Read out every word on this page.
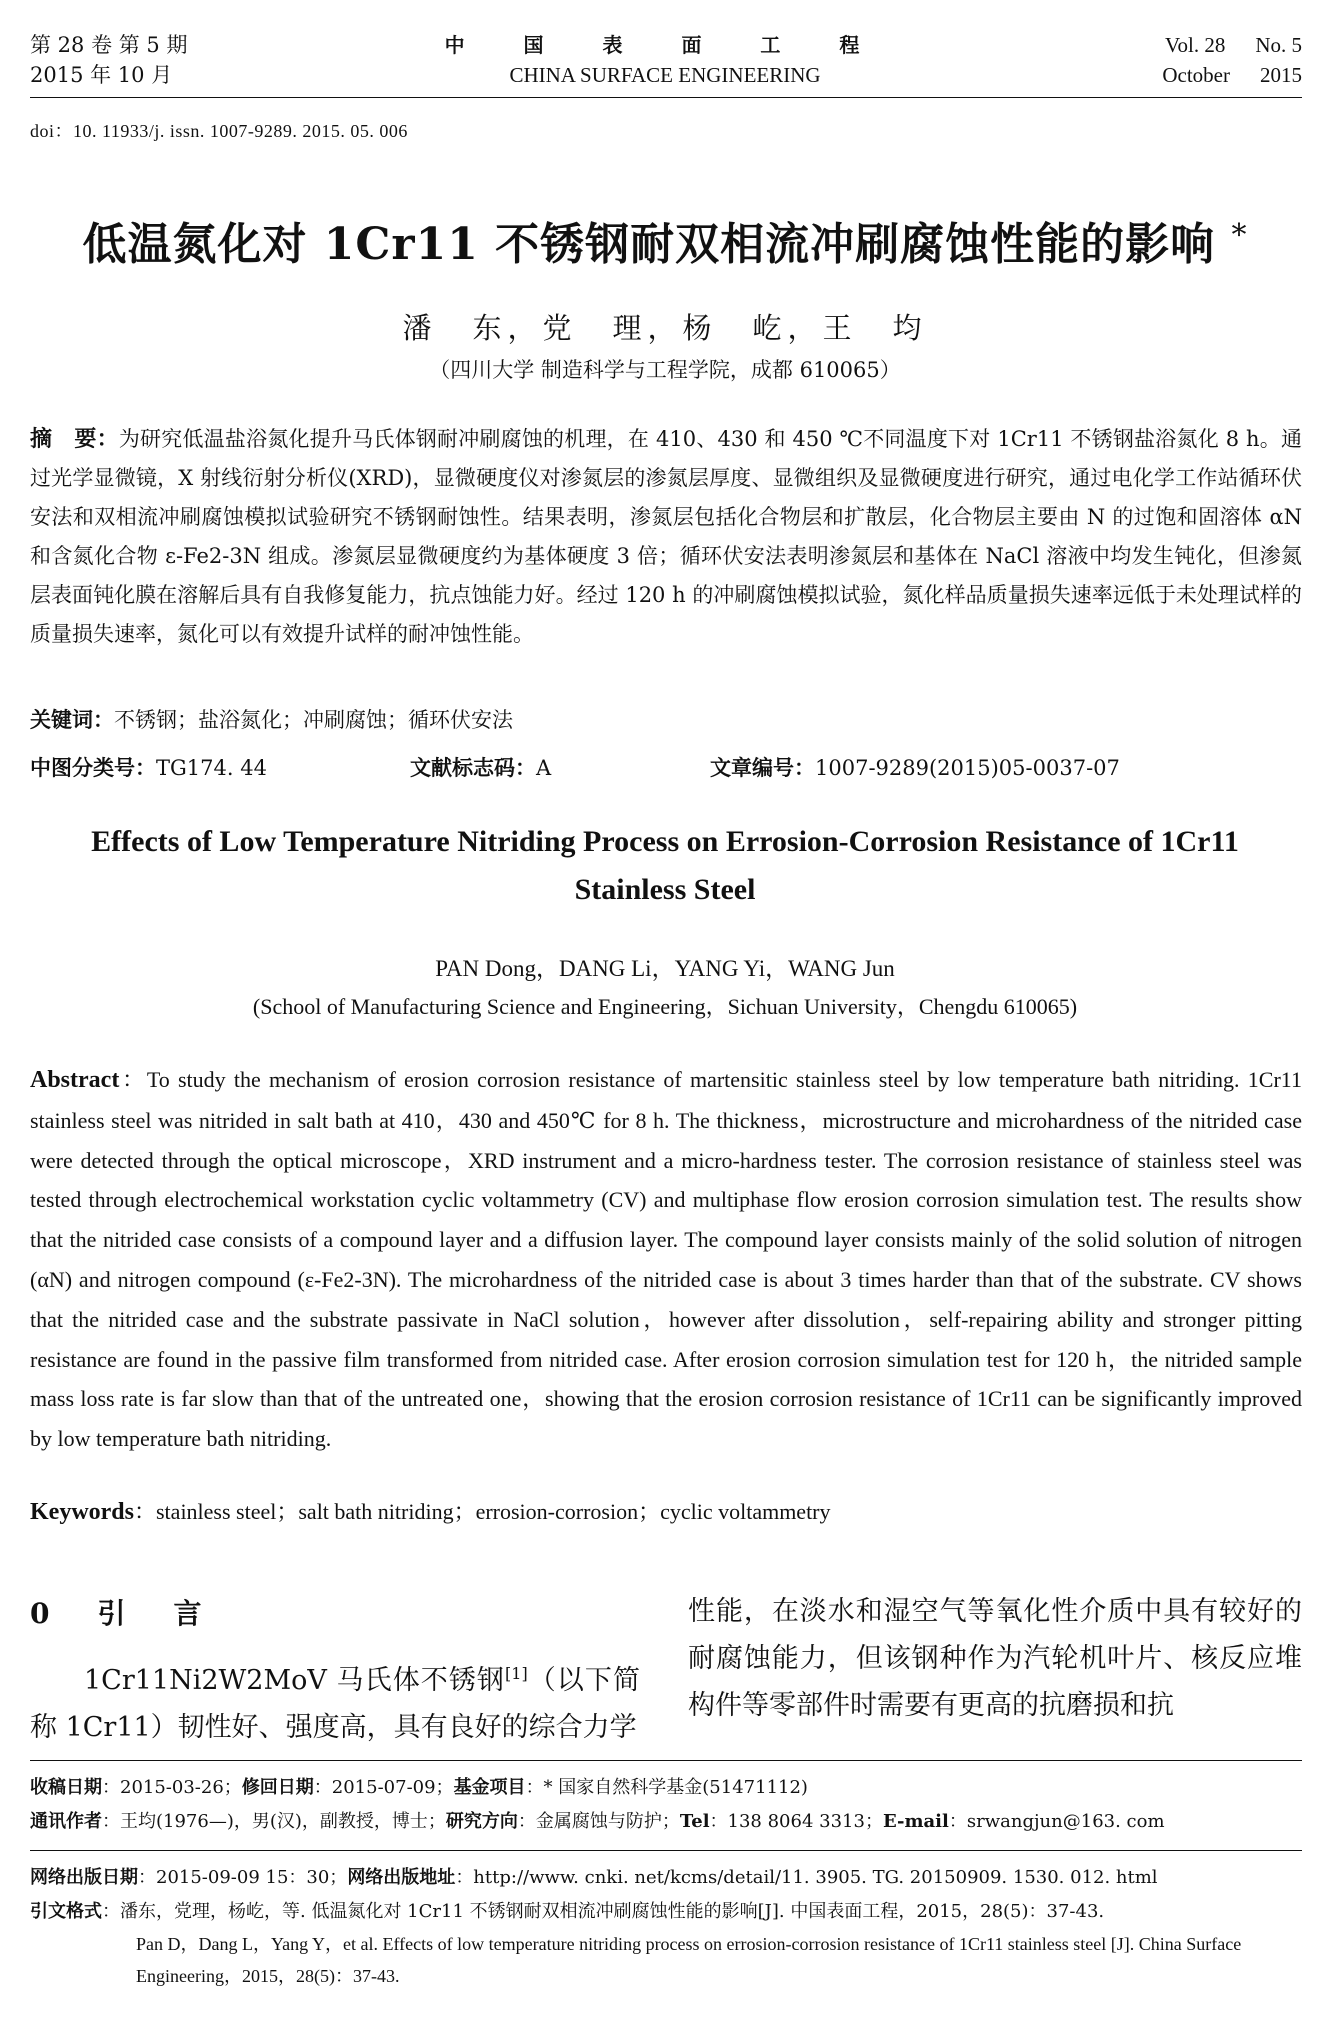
第 28 卷 第 5 期
2015 年 10 月
中 国 表 面 工 程
CHINA SURFACE ENGINEERING
Vol. 28 No. 5
October 2015
doi：10. 11933/j. issn. 1007-9289. 2015. 05. 006
低温氮化对 1Cr11 不锈钢耐双相流冲刷腐蚀性能的影响 *
潘　东，党　理，杨　屹，王　均
（四川大学 制造科学与工程学院，成都 610065）
摘　要：为研究低温盐浴氮化提升马氏体钢耐冲刷腐蚀的机理，在 410、430 和 450 ℃不同温度下对 1Cr11 不锈钢盐浴氮化 8 h。通过光学显微镜，X 射线衍射分析仪(XRD)，显微硬度仪对渗氮层的渗氮层厚度、显微组织及显微硬度进行研究，通过电化学工作站循环伏安法和双相流冲刷腐蚀模拟试验研究不锈钢耐蚀性。结果表明，渗氮层包括化合物层和扩散层，化合物层主要由 N 的过饱和固溶体 αN 和含氮化合物 ε-Fe2-3N 组成。渗氮层显微硬度约为基体硬度 3 倍；循环伏安法表明渗氮层和基体在 NaCl 溶液中均发生钝化，但渗氮层表面钝化膜在溶解后具有自我修复能力，抗点蚀能力好。经过 120 h 的冲刷腐蚀模拟试验，氮化样品质量损失速率远低于未处理试样的质量损失速率，氮化可以有效提升试样的耐冲蚀性能。
关键词：不锈钢；盐浴氮化；冲刷腐蚀；循环伏安法
中图分类号：TG174. 44	文献标志码：A	文章编号：1007-9289(2015)05-0037-07
Effects of Low Temperature Nitriding Process on Errosion-Corrosion Resistance of 1Cr11 Stainless Steel
PAN Dong，DANG Li，YANG Yi，WANG Jun
(School of Manufacturing Science and Engineering，Sichuan University，Chengdu 610065)
Abstract：To study the mechanism of erosion corrosion resistance of martensitic stainless steel by low temperature bath nitriding. 1Cr11 stainless steel was nitrided in salt bath at 410，430 and 450℃ for 8 h. The thickness，microstructure and microhardness of the nitrided case were detected through the optical microscope，XRD instrument and a micro-hardness tester. The corrosion resistance of stainless steel was tested through electrochemical workstation cyclic voltammetry (CV) and multiphase flow erosion corrosion simulation test. The results show that the nitrided case consists of a compound layer and a diffusion layer. The compound layer consists mainly of the solid solution of nitrogen (αN) and nitrogen compound (ε-Fe2-3N). The microhardness of the nitrided case is about 3 times harder than that of the substrate. CV shows that the nitrided case and the substrate passivate in NaCl solution，however after dissolution，self-repairing ability and stronger pitting resistance are found in the passive film transformed from nitrided case. After erosion corrosion simulation test for 120 h，the nitrided sample mass loss rate is far slow than that of the untreated one，showing that the erosion corrosion resistance of 1Cr11 can be significantly improved by low temperature bath nitriding.
Keywords：stainless steel；salt bath nitriding；errosion-corrosion；cyclic voltammetry
0　引　言
1Cr11Ni2W2MoV 马氏体不锈钢[1]（以下简称 1Cr11）韧性好、强度高，具有良好的综合力学
性能，在淡水和湿空气等氧化性介质中具有较好的耐腐蚀能力，但该钢种作为汽轮机叶片、核反应堆构件等零部件时需要有更高的抗磨损和抗
收稿日期：2015-03-26；修回日期：2015-07-09；基金项目：* 国家自然科学基金(51471112)
通讯作者：王均(1976—)，男(汉)，副教授，博士；研究方向：金属腐蚀与防护；Tel：138 8064 3313；E-mail：srwangjun@163. com
网络出版日期：2015-09-09 15：30；网络出版地址：http://www. cnki. net/kcms/detail/11. 3905. TG. 20150909. 1530. 012. html
引文格式：潘东，党理，杨屹，等. 低温氮化对 1Cr11 不锈钢耐双相流冲刷腐蚀性能的影响[J]. 中国表面工程，2015，28(5)：37-43.
Pan D，Dang L，Yang Y，et al. Effects of low temperature nitriding process on errosion-corrosion resistance of 1Cr11 stainless steel [J]. China Surface Engineering，2015，28(5)：37-43.
